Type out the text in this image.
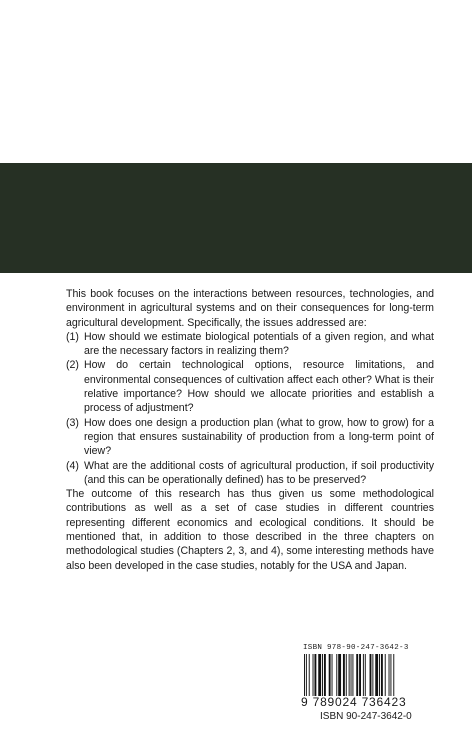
This book focuses on the interactions between resources, technologies, and environment in agricultural systems and on their consequences for long-term agricultural development. Specifically, the issues addressed are:

(1) How should we estimate biological potentials of a given region, and what are the necessary factors in realizing them?
(2) How do certain technological options, resource limitations, and environmental consequences of cultivation affect each other? What is their relative importance? How should we allocate priorities and establish a process of adjustment?
(3) How does one design a production plan (what to grow, how to grow) for a region that ensures sustainability of production from a long-term point of view?
(4) What are the additional costs of agricultural production, if soil productivity (and this can be operationally defined) has to be preserved?

The outcome of this research has thus given us some methodological contributions as well as a set of case studies in different countries representing different economics and ecological conditions. It should be mentioned that, in addition to those described in the three chapters on methodological studies (Chapters 2, 3, and 4), some interesting methods have also been developed in the case studies, notably for the USA and Japan.

ISBN 978-90-247-3642-3
9 789024 736423
ISBN 90-247-3642-0
